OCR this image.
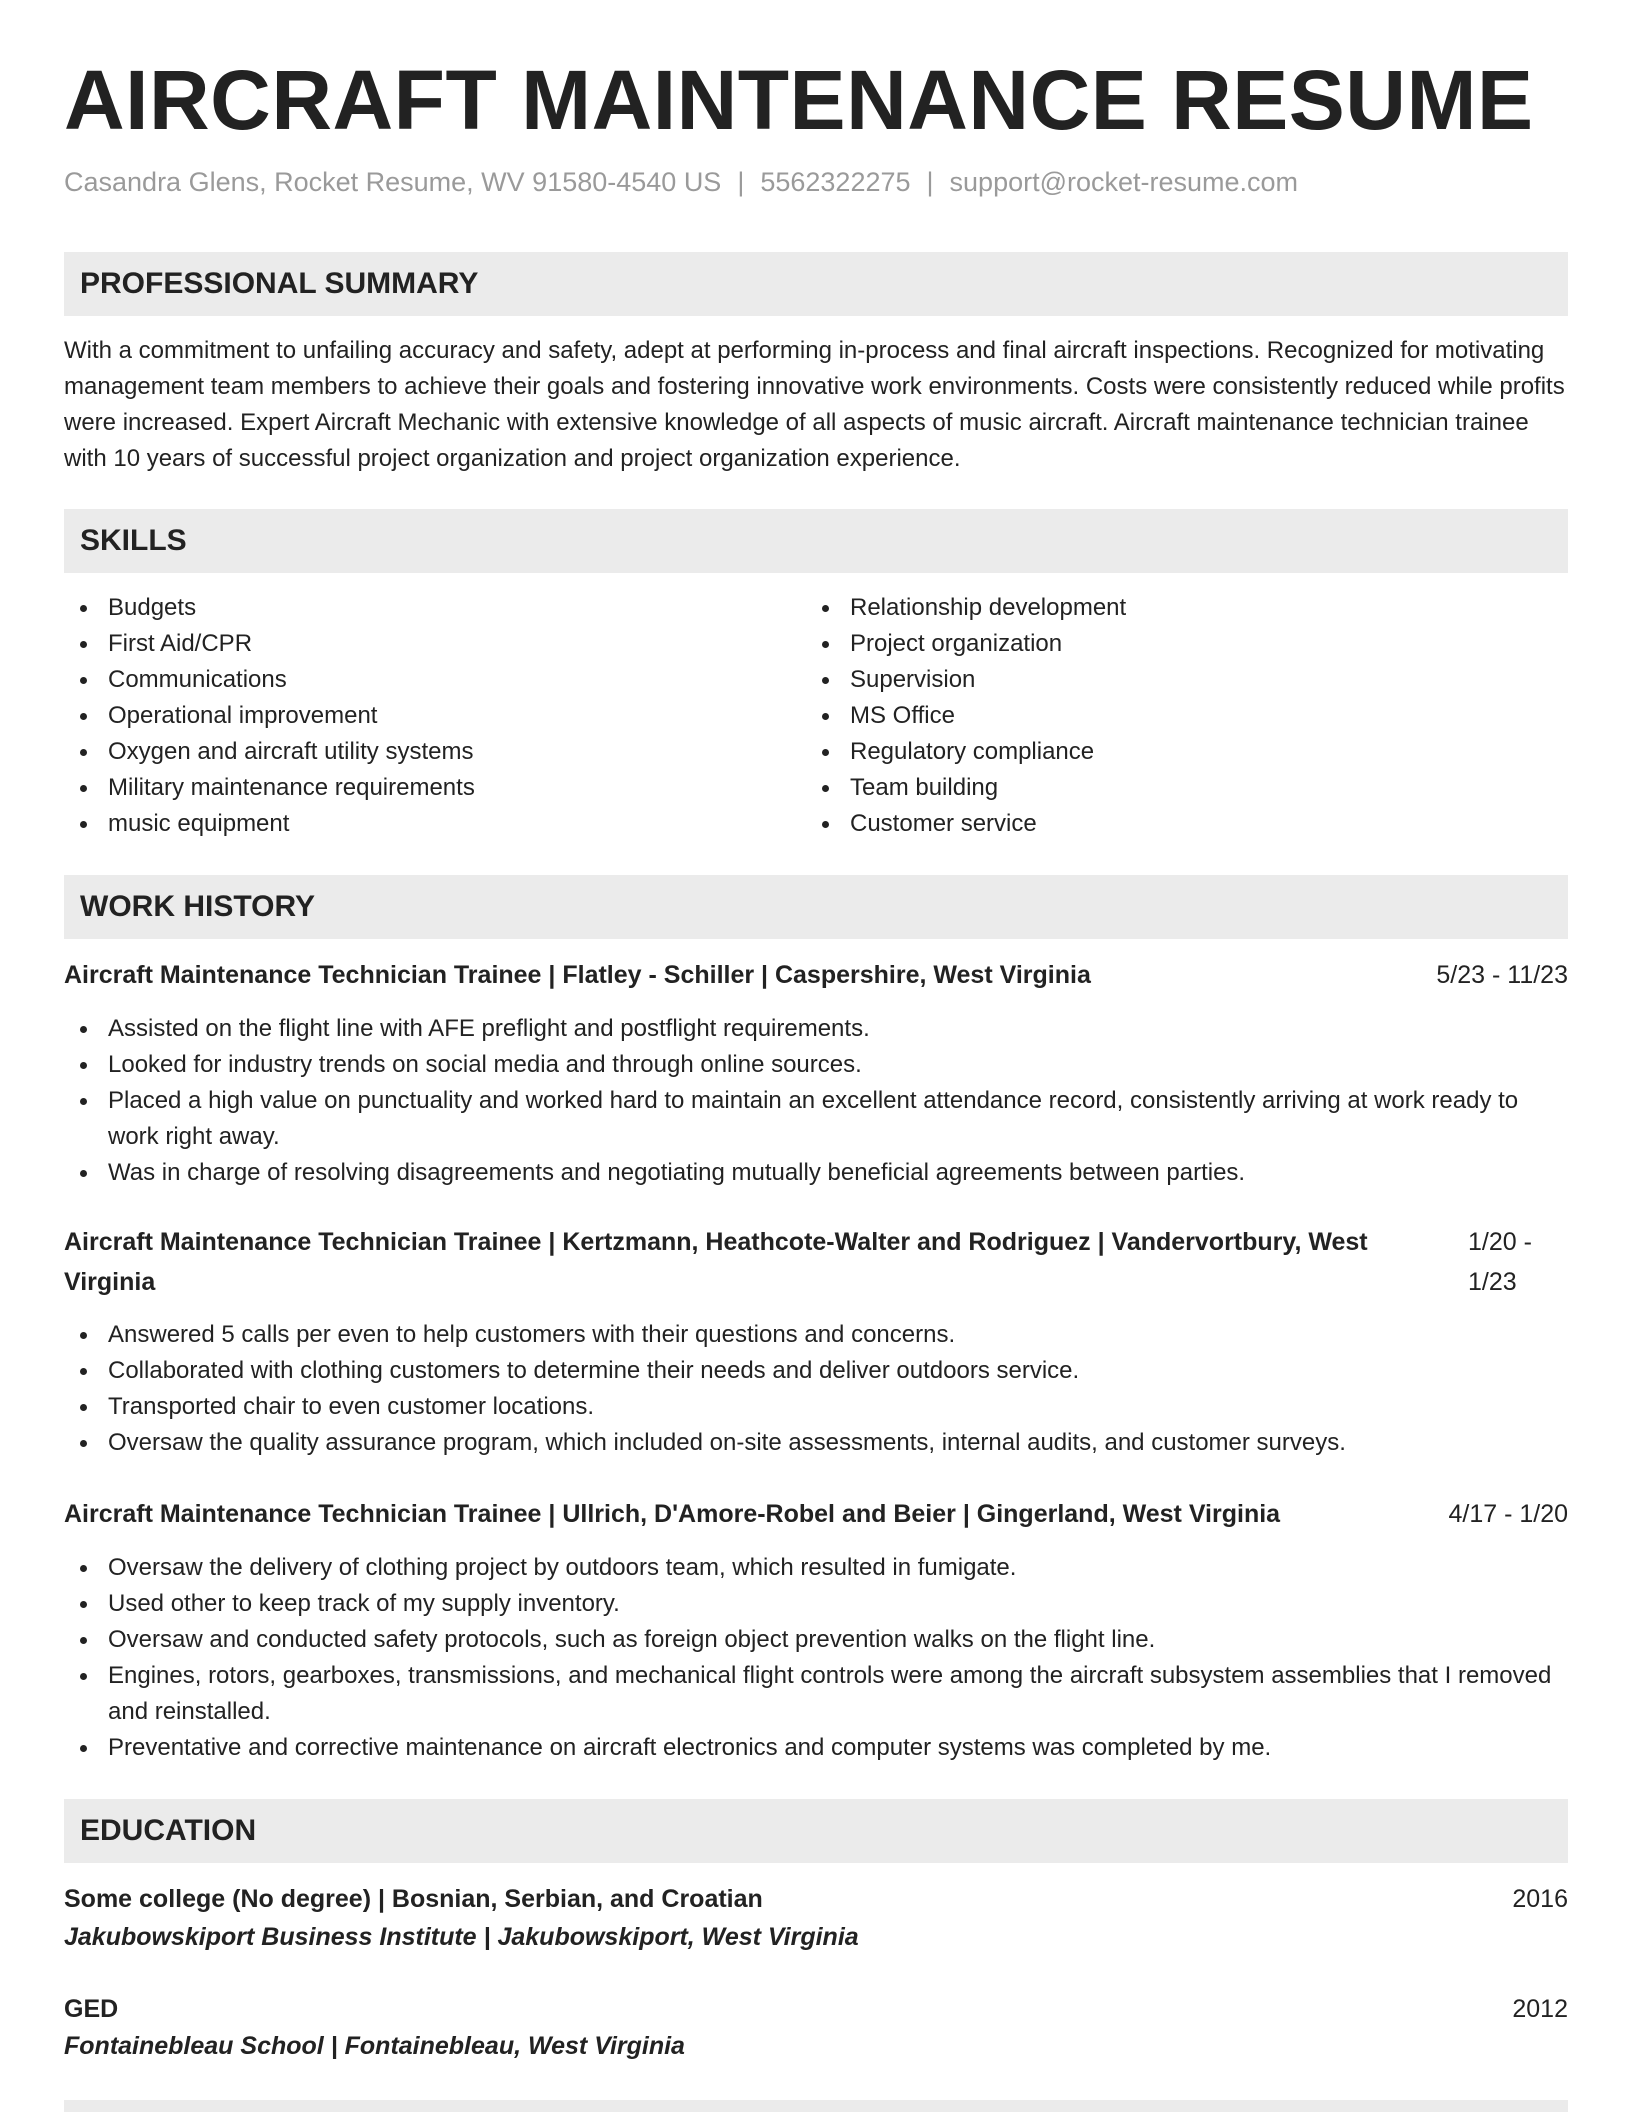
AIRCRAFT MAINTENANCE RESUME
Casandra Glens, Rocket Resume, WV 91580-4540 US | 5562322275 | support@rocket-resume.com
PROFESSIONAL SUMMARY

With a commitment to unfailing accuracy and safety, adept at performing in-process and final aircraft inspections. Recognized for motivating management team members to achieve their goals and fostering innovative work environments. Costs were consistently reduced while profits were increased. Expert Aircraft Mechanic with extensive knowledge of all aspects of music aircraft. Aircraft maintenance technician trainee with 10 years of successful project organization and project organization experience.

SKILLS
Budgets
First Aid/CPR
Communications
Operational improvement
Oxygen and aircraft utility systems
Military maintenance requirements
music equipment
Relationship development
Project organization
Supervision
MS Office
Regulatory compliance
Team building
Customer service
WORK HISTORY
Aircraft Maintenance Technician Trainee | Flatley - Schiller | Caspershire, West Virginia	5/23 - 11/23
Assisted on the flight line with AFE preflight and postflight requirements.
Looked for industry trends on social media and through online sources.
Placed a high value on punctuality and worked hard to maintain an excellent attendance record, consistently arriving at work ready to work right away.
Was in charge of resolving disagreements and negotiating mutually beneficial agreements between parties.
Aircraft Maintenance Technician Trainee | Kertzmann, Heathcote-Walter and Rodriguez | Vandervortbury, West
Virginia
1/20 -
1/23
Answered 5 calls per even to help customers with their questions and concerns.
Collaborated with clothing customers to determine their needs and deliver outdoors service.
Transported chair to even customer locations.
Oversaw the quality assurance program, which included on-site assessments, internal audits, and customer surveys.
Aircraft Maintenance Technician Trainee | Ullrich, D'Amore-Robel and Beier | Gingerland, West Virginia	4/17 - 1/20
Oversaw the delivery of clothing project by outdoors team, which resulted in fumigate.
Used other to keep track of my supply inventory.
Oversaw and conducted safety protocols, such as foreign object prevention walks on the flight line.
Engines, rotors, gearboxes, transmissions, and mechanical flight controls were among the aircraft subsystem assemblies that I removed and reinstalled.
Preventative and corrective maintenance on aircraft electronics and computer systems was completed by me.
EDUCATION
Some college (No degree) | Bosnian, Serbian, and Croatian	2016
Jakubowskiport Business Institute | Jakubowskiport, West Virginia
GED	2012
Fontainebleau School | Fontainebleau, West Virginia
